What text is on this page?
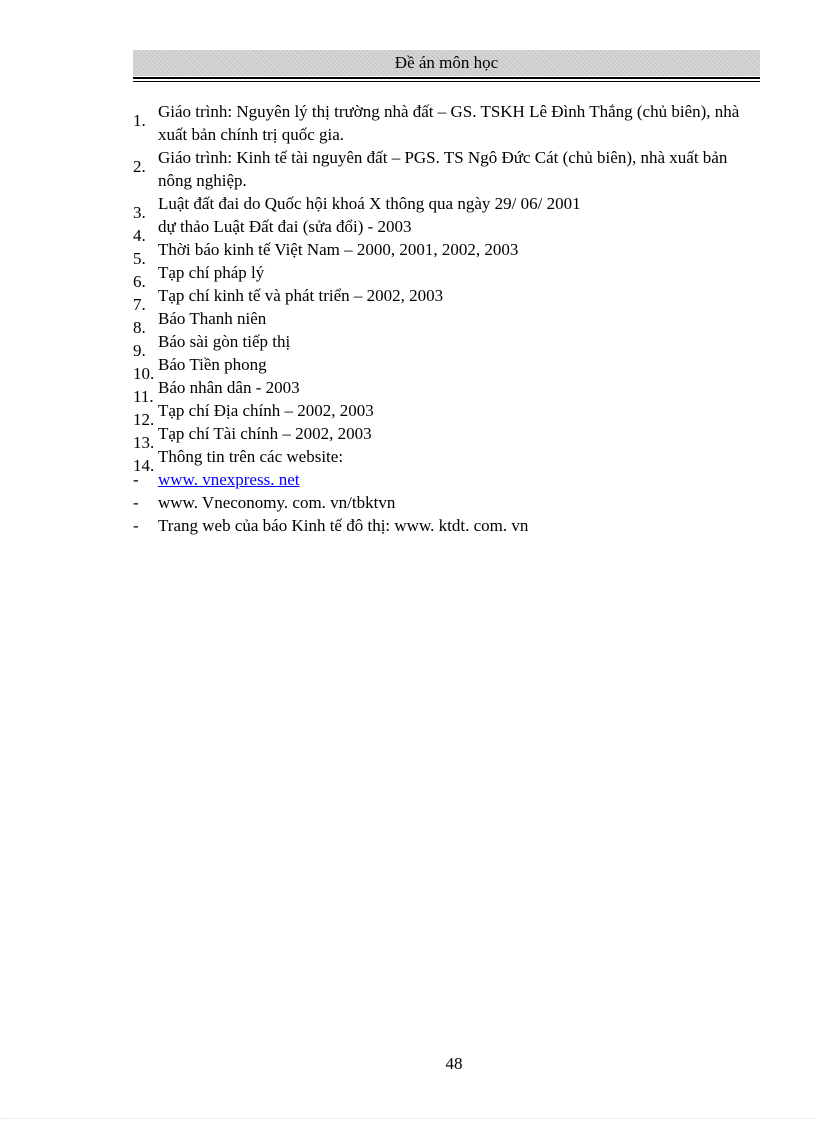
Đề án môn học
1. Giáo trình: Nguyên lý thị trường nhà đất – GS. TSKH Lê Đình Thắng (chủ biên), nhà xuất bản chính trị quốc gia.
2. Giáo trình: Kinh tế tài nguyên đất – PGS. TS Ngô Đức Cát (chủ biên), nhà xuất bản nông nghiệp.
3. Luật đất đai do Quốc hội khoá X thông qua ngày 29/ 06/ 2001
4. dự thảo Luật Đất đai (sửa đổi) - 2003
5. Thời báo kinh tế Việt Nam – 2000, 2001, 2002, 2003
6. Tạp chí pháp lý
7. Tạp chí kinh tế và phát triển – 2002, 2003
8. Báo Thanh niên
9. Báo sài gòn tiếp thị
10. Báo Tiền phong
11. Báo nhân dân - 2003
12. Tạp chí Địa chính – 2002, 2003
13. Tạp chí Tài chính – 2002, 2003
14. Thông tin trên các website:
- www. vnexpress. net
- www. Vneconomy. com. vn/tbktvn
- Trang web của báo Kinh tế đô thị: www. ktdt. com. vn
48
